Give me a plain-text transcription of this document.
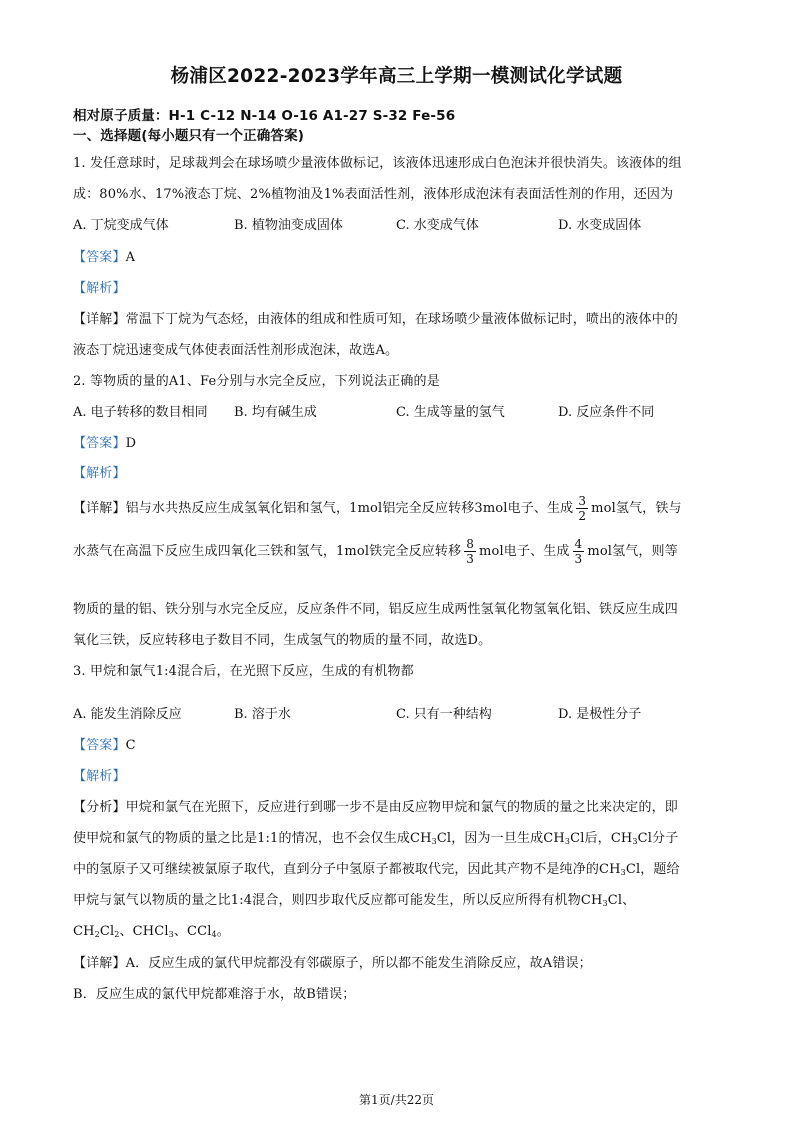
杨浦区2022-2023学年高三上学期一模测试化学试题
相对原子质量：H-1 C-12 N-14 O-16 A1-27 S-32 Fe-56
一、选择题(每小题只有一个正确答案)
1. 发任意球时，足球裁判会在球场喷少量液体做标记，该液体迅速形成白色泡沫并很快消失。该液体的组
成：80%水、17%液态丁烷、2%植物油及1%表面活性剂，液体形成泡沫有表面活性剂的作用，还因为
A. 丁烷变成气体	B. 植物油变成固体	C. 水变成气体	D. 水变成固体
【答案】A
【解析】
【详解】常温下丁烷为气态烃，由液体的组成和性质可知，在球场喷少量液体做标记时，喷出的液体中的
液态丁烷迅速变成气体使表面活性剂形成泡沫，故选A。
2. 等物质的量的A1、Fe分别与水完全反应，下列说法正确的是
A. 电子转移的数目相同 B. 均有碱生成	C. 生成等量的氢气	D. 反应条件不同
【答案】D
【解析】
【详解】铝与水共热反应生成氢氧化铝和氢气，1mol铝完全反应转移3mol电子、生成 $\frac{3}{2}$ mol氢气，铁与
水蒸气在高温下反应生成四氧化三铁和氢气，1mol铁完全反应转移 $\frac{8}{3}$ mol电子、生成 $\frac{4}{3}$ mol氢气，则等
物质的量的铝、铁分别与水完全反应，反应条件不同，铝反应生成两性氢氧化物氢氧化铝、铁反应生成四
氧化三铁，反应转移电子数目不同，生成氢气的物质的量不同，故选D。
3. 甲烷和氯气1:4混合后，在光照下反应，生成的有机物都
A. 能发生消除反应	B. 溶于水	C. 只有一种结构	D. 是极性分子
【答案】C
【解析】
【分析】甲烷和氯气在光照下，反应进行到哪一步不是由反应物甲烷和氯气的物质的量之比来决定的，即
使甲烷和氯气的物质的量之比是1:1的情况，也不会仅生成$CH_3Cl$，因为一旦生成$CH_3Cl$后，$CH_3Cl$分子
中的氢原子又可继续被氯原子取代，直到分子中氢原子都被取代完，因此其产物不是纯净的$CH_3Cl$，题给
甲烷与氯气以物质的量之比1:4混合，则四步取代反应都可能发生，所以反应所得有机物$CH_3Cl$、
$CH_2Cl_2$、CHCl$_3$、CCl$_4$。
【详解】A．反应生成的氯代甲烷都没有邻碳原子，所以都不能发生消除反应，故A错误；
B．反应生成的氯代甲烷都难溶于水，故B错误；
第1页/共22页
